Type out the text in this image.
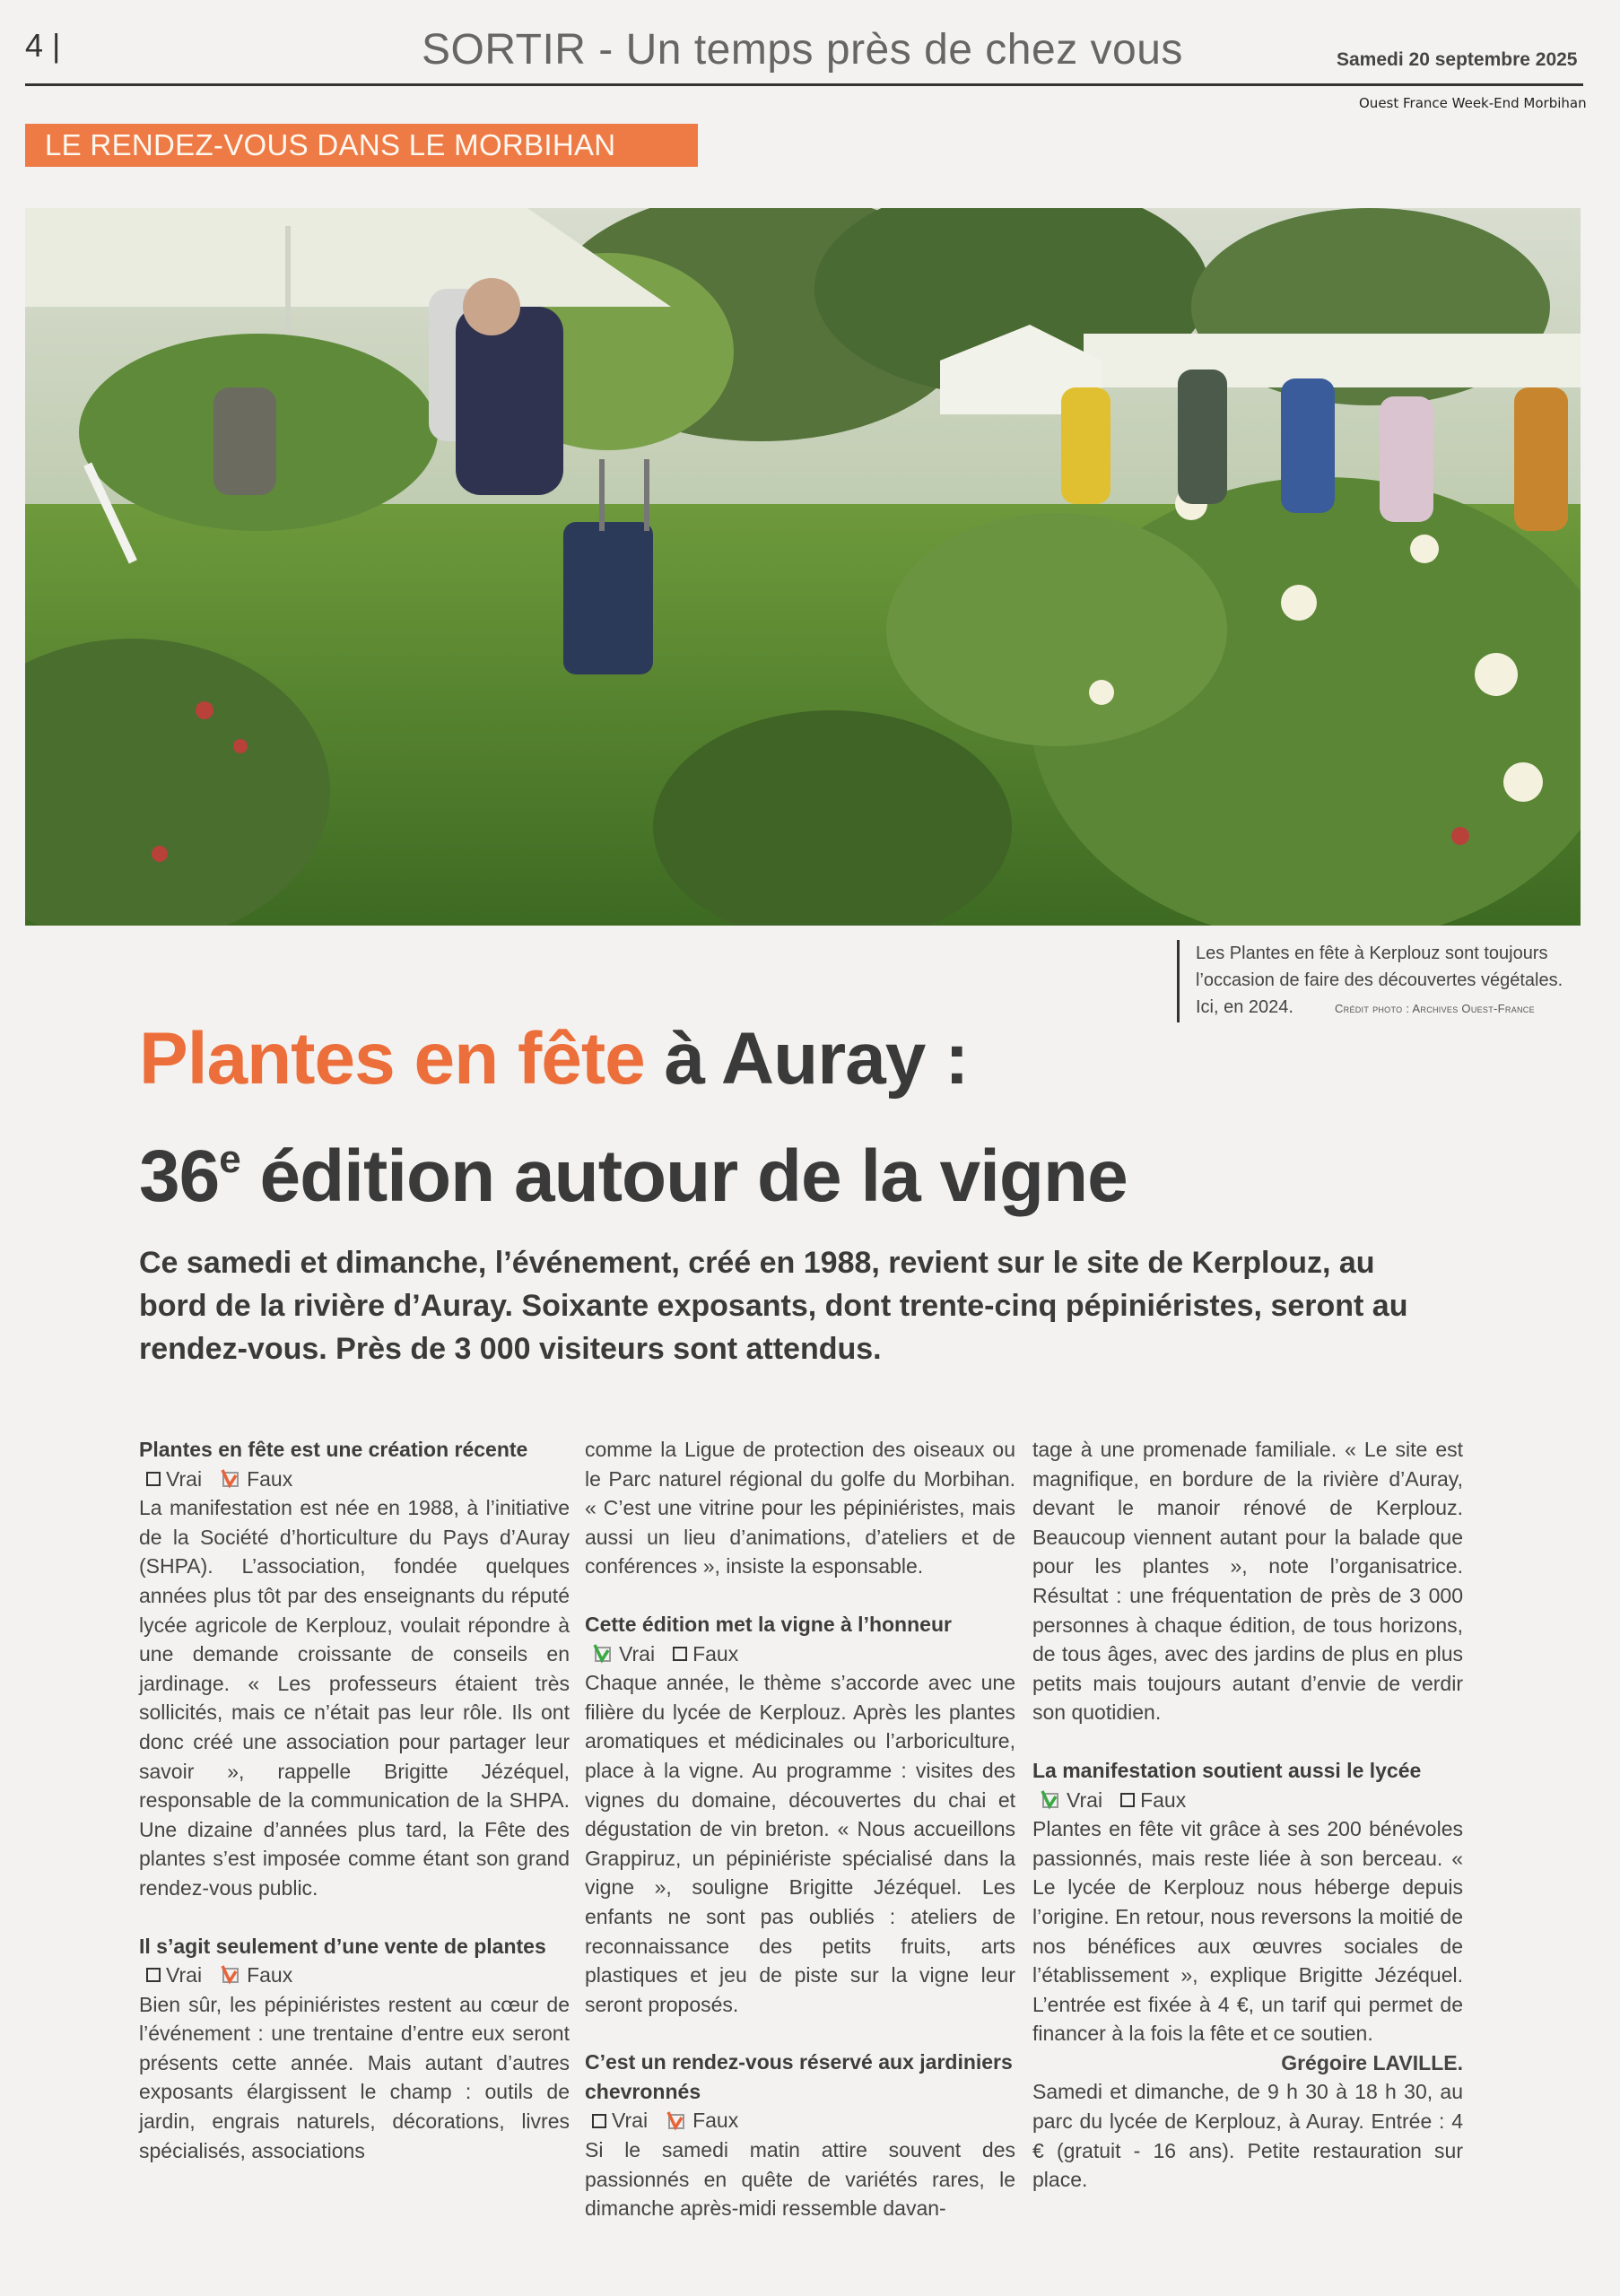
4 |	SORTIR - Un temps près de chez vous	Samedi 20 septembre 2025
Ouest France Week-End Morbihan
LE RENDEZ-VOUS DANS LE MORBIHAN
Les Plantes en fête à Kerplouz sont toujours
l’occasion de faire des découvertes végétales.
Ici, en 2024.	Crédit photo : Archives Ouest-France
Plantes en fête à Auray :
36e édition autour de la vigne
Ce samedi et dimanche, l’événement, créé en 1988, revient sur le site de Kerplouz, au bord de la rivière d’Auray. Soixante exposants, dont trente-cinq pépiniéristes, seront au rendez-vous. Près de 3 000 visiteurs sont attendus.
Plantes en fête est une création récente
Vrai Faux

La manifestation est née en 1988, à l’initiative de la Société d’horticulture du Pays d’Auray (SHPA). L’association, fondée quelques années plus tôt par des enseignants du réputé lycée agricole de Kerplouz, voulait répondre à une demande croissante de conseils en jardinage. « Les professeurs étaient très sollicités, mais ce n’était pas leur rôle. Ils ont donc créé une association pour partager leur savoir », rappelle Brigitte Jézéquel, responsable de la communication de la SHPA. Une dizaine d’années plus tard, la Fête des plantes s’est imposée comme étant son grand rendez-vous public.

Il s’agit seulement d’une vente de plantes
Vrai Faux

Bien sûr, les pépiniéristes restent au cœur de l’événement : une trentaine d’entre eux seront présents cette année. Mais autant d’autres exposants élargissent le champ : outils de jardin, engrais naturels, décorations, livres spécialisés, associations

comme la Ligue de protection des oiseaux ou le Parc naturel régional du golfe du Morbihan. « C’est une vitrine pour les pépiniéristes, mais aussi un lieu d’animations, d’ateliers et de conférences », insiste la esponsable.

Cette édition met la vigne à l’honneur
Vrai Faux

Chaque année, le thème s’accorde avec une filière du lycée de Kerplouz. Après les plantes aromatiques et médicinales ou l’arboriculture, place à la vigne. Au programme : visites des vignes du domaine, découvertes du chai et dégustation de vin breton. « Nous accueillons Grappiruz, un pépiniériste spécialisé dans la vigne », souligne Brigitte Jézéquel. Les enfants ne sont pas oubliés : ateliers de reconnaissance des petits fruits, arts plastiques et jeu de piste sur la vigne leur seront proposés.

C’est un rendez-vous réservé aux jardiniers chevronnés
Vrai Faux

Si le samedi matin attire souvent des passionnés en quête de variétés rares, le dimanche après-midi ressemble davan-

tage à une promenade familiale. « Le site est magnifique, en bordure de la rivière d’Auray, devant le manoir rénové de Kerplouz. Beaucoup viennent autant pour la balade que pour les plantes », note l’organisatrice. Résultat : une fréquentation de près de 3 000 personnes à chaque édition, de tous horizons, de tous âges, avec des jardins de plus en plus petits mais toujours autant d’envie de verdir son quotidien.

La manifestation soutient aussi le lycée
Vrai Faux

Plantes en fête vit grâce à ses 200 bénévoles passionnés, mais reste liée à son berceau. « Le lycée de Kerplouz nous héberge depuis l’origine. En retour, nous reversons la moitié de nos bénéfices aux œuvres sociales de l’établissement », explique Brigitte Jézéquel. L’entrée est fixée à 4 €, un tarif qui permet de financer à la fois la fête et ce soutien.

Grégoire LAVILLE.

Samedi et dimanche, de 9 h 30 à 18 h 30, au parc du lycée de Kerplouz, à Auray. Entrée : 4 € (gratuit - 16 ans). Petite restauration sur place.
